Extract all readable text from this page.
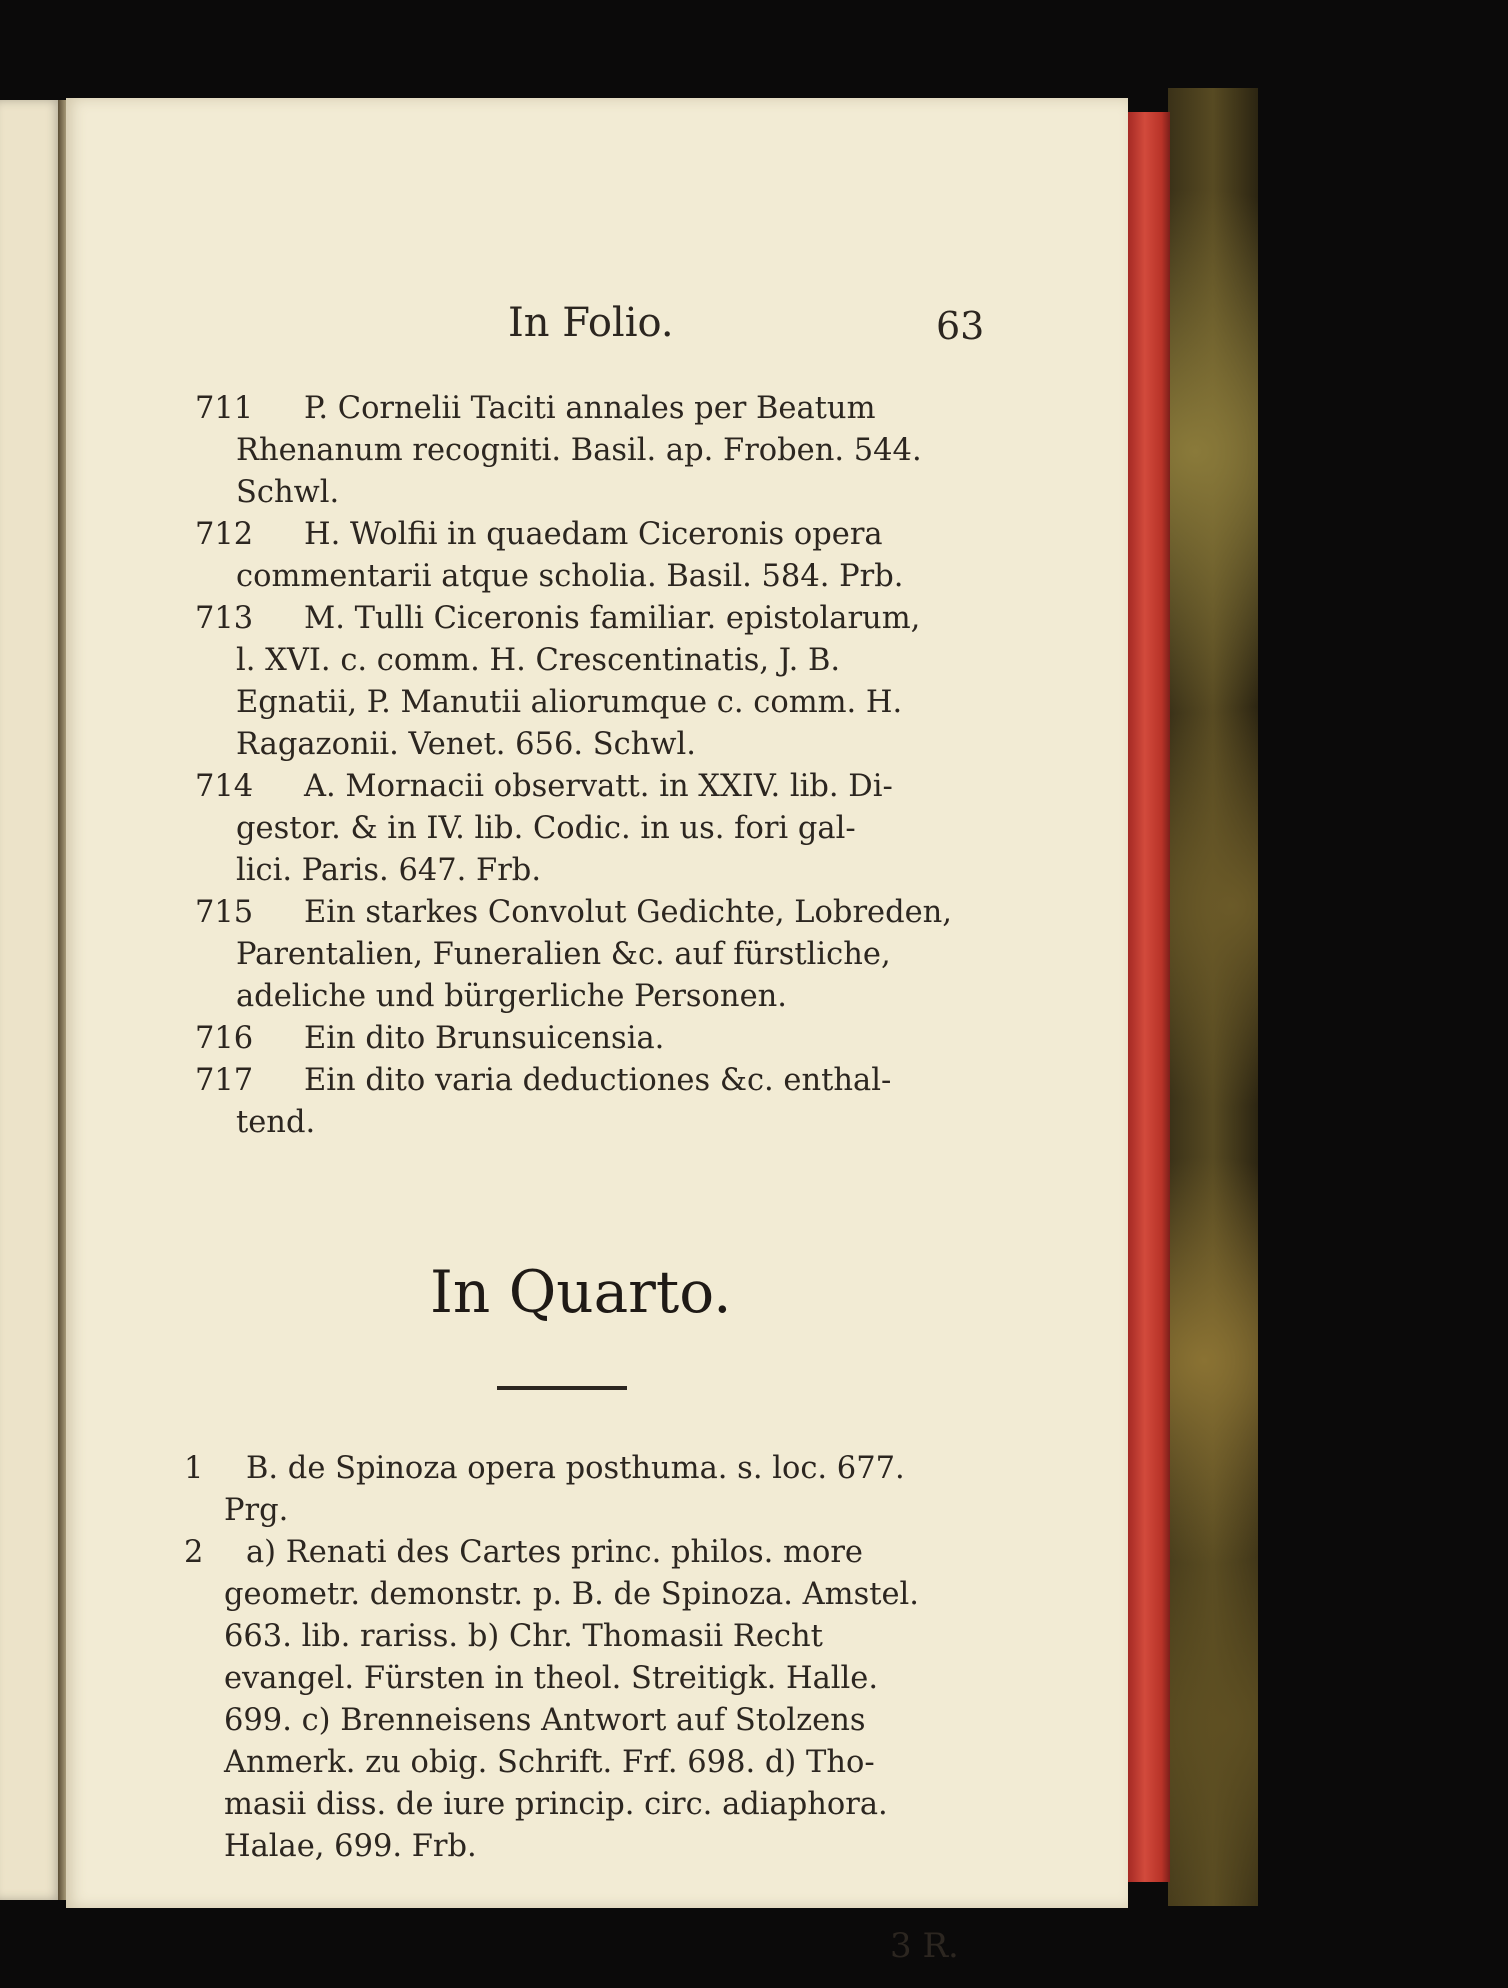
In Folio.	63
711	P. Cornelii Taciti annales per Beatum
Rhenanum recogniti. Basil. ap. Froben. 544.
Schwl.
712	H. Wolfii in quaedam Ciceronis opera
commentarii atque scholia. Basil. 584. Prb.
713	M. Tulli Ciceronis familiar. epistolarum,
l. XVI. c. comm. H. Crescentinatis, J. B.
Egnatii, P. Manutii aliorumque c. comm. H.
Ragazonii. Venet. 656. Schwl.
714	A. Mornacii observatt. in XXIV. lib. Di-
gestor. & in IV. lib. Codic. in us. fori gal-
lici. Paris. 647. Frb.
715	Ein starkes Convolut Gedichte, Lobreden,
Parentalien, Funeralien &c. auf fürstliche,
adeliche und bürgerliche Personen.
716	Ein dito Brunsuicensia.
717	Ein dito varia deductiones &c. enthal-
tend.
In Quarto.
1	B. de Spinoza opera posthuma. s. loc. 677.
Prg.
2	a) Renati des Cartes princ. philos. more
geometr. demonstr. p. B. de Spinoza. Amstel.
663. lib. rariss. b) Chr. Thomasii Recht
evangel. Fürsten in theol. Streitigk. Halle.
699. c) Brenneisens Antwort auf Stolzens
Anmerk. zu obig. Schrift. Frf. 698. d) Tho-
masii diss. de iure princip. circ. adiaphora.
Halae, 699. Frb.
3 R.
